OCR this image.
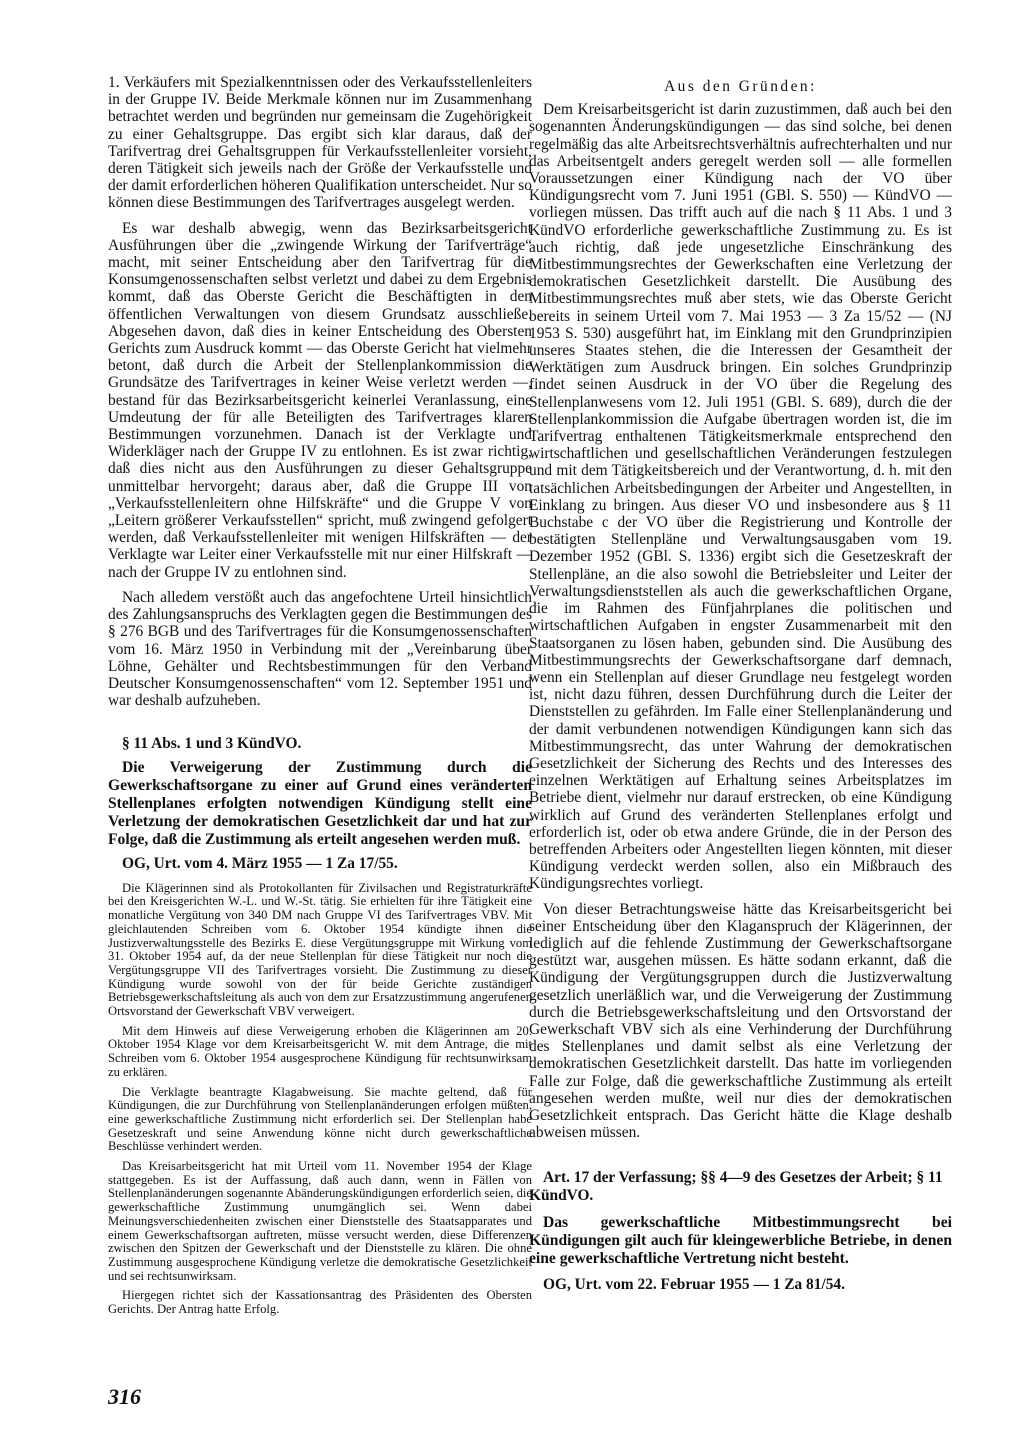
1. Verkäufers mit Spezialkenntnissen oder des Verkaufsstellenleiters in der Gruppe IV. Beide Merkmale können nur im Zusammenhang betrachtet werden und begründen nur gemeinsam die Zugehörigkeit zu einer Gehaltsgruppe. Das ergibt sich klar daraus, daß der Tarifvertrag drei Gehaltsgruppen für Verkaufsstellenleiter vorsieht, deren Tätigkeit sich jeweils nach der Größe der Verkaufsstelle und der damit erforderlichen höheren Qualifikation unterscheidet. Nur so können diese Bestimmungen des Tarifvertrages ausgelegt werden.

Es war deshalb abwegig, wenn das Bezirksarbeitsgericht Ausführungen über die „zwingende Wirkung der Tarifverträge“ macht, mit seiner Entscheidung aber den Tarifvertrag für die Konsumgenossenschaften selbst verletzt und dabei zu dem Ergebnis kommt, daß das Oberste Gericht die Beschäftigten in den öffentlichen Verwaltungen von diesem Grundsatz ausschließe. Abgesehen davon, daß dies in keiner Entscheidung des Obersten Gerichts zum Ausdruck kommt — das Oberste Gericht hat vielmehr betont, daß durch die Arbeit der Stellenplankommission die Grundsätze des Tarifvertrages in keiner Weise verletzt werden —, bestand für das Bezirksarbeitsgericht keinerlei Veranlassung, eine Umdeutung der für alle Beteiligten des Tarifvertrages klaren Bestimmungen vorzunehmen. Danach ist der Verklagte und Widerkläger nach der Gruppe IV zu entlohnen. Es ist zwar richtig, daß dies nicht aus den Ausführungen zu dieser Gehaltsgruppe unmittelbar hervorgeht; daraus aber, daß die Gruppe III von „Verkaufsstellenleitern ohne Hilfskräfte“ und die Gruppe V von „Leitern größerer Verkaufsstellen“ spricht, muß zwingend gefolgert werden, daß Verkaufsstellenleiter mit wenigen Hilfskräften — der Verklagte war Leiter einer Verkaufsstelle mit nur einer Hilfskraft — nach der Gruppe IV zu entlohnen sind.

Nach alledem verstößt auch das angefochtene Urteil hinsichtlich des Zahlungsanspruchs des Verklagten gegen die Bestimmungen des § 276 BGB und des Tarifvertrages für die Konsumgenossenschaften vom 16. März 1950 in Verbindung mit der „Vereinbarung über Löhne, Gehälter und Rechtsbestimmungen für den Verband Deutscher Konsumgenossenschaften“ vom 12. September 1951 und war deshalb aufzuheben.

§ 11 Abs. 1 und 3 KündVO.
Die Verweigerung der Zustimmung durch die Gewerkschaftsorgane zu einer auf Grund eines veränderten Stellenplanes erfolgten notwendigen Kündigung stellt eine Verletzung der demokratischen Gesetzlichkeit dar und hat zur Folge, daß die Zustimmung als erteilt angesehen werden muß.
OG, Urt. vom 4. März 1955 — 1 Za 17/55.

Die Klägerinnen sind als Protokollanten für Zivilsachen und Registraturkräfte bei den Kreisgerichten W.-L. und W.-St. tätig. Sie erhielten für ihre Tätigkeit eine monatliche Vergütung von 340 DM nach Gruppe VI des Tarifvertrages VBV. Mit gleichlautenden Schreiben vom 6. Oktober 1954 kündigte ihnen die Justizverwaltungsstelle des Bezirks E. diese Vergütungsgruppe mit Wirkung vom 31. Oktober 1954 auf, da der neue Stellenplan für diese Tätigkeit nur noch die Vergütungsgruppe VII des Tarifvertrages vorsieht. Die Zustimmung zu dieser Kündigung wurde sowohl von der für beide Gerichte zuständigen Betriebsgewerkschaftsleitung als auch von dem zur Ersatzzustimmung angerufenen Ortsvorstand der Gewerkschaft VBV verweigert.

Mit dem Hinweis auf diese Verweigerung erhoben die Klägerinnen am 20. Oktober 1954 Klage vor dem Kreisarbeitsgericht W. mit dem Antrage, die mit Schreiben vom 6. Oktober 1954 ausgesprochene Kündigung für rechtsunwirksam zu erklären.

Die Verklagte beantragte Klagabweisung. Sie machte geltend, daß für Kündigungen, die zur Durchführung von Stellenplanänderungen erfolgen müßten, eine gewerkschaftliche Zustimmung nicht erforderlich sei. Der Stellenplan habe Gesetzeskraft und seine Anwendung könne nicht durch gewerkschaftliche Beschlüsse verhindert werden.

Das Kreisarbeitsgericht hat mit Urteil vom 11. November 1954 der Klage stattgegeben. Es ist der Auffassung, daß auch dann, wenn in Fällen von Stellenplanänderungen sogenannte Abänderungskündigungen erforderlich seien, die gewerkschaftliche Zustimmung unumgänglich sei. Wenn dabei Meinungsverschiedenheiten zwischen einer Dienststelle des Staatsapparates und einem Gewerkschaftsorgan auftreten, müsse versucht werden, diese Differenzen zwischen den Spitzen der Gewerkschaft und der Dienststelle zu klären. Die ohne Zustimmung ausgesprochene Kündigung verletze die demokratische Gesetzlichkeit und sei rechtsunwirksam.

Hiergegen richtet sich der Kassationsantrag des Präsidenten des Obersten Gerichts. Der Antrag hatte Erfolg.

Aus den Gründen:

Dem Kreisarbeitsgericht ist darin zuzustimmen, daß auch bei den sogenannten Änderungskündigungen — das sind solche, bei denen regelmäßig das alte Arbeitsrechtsverhältnis aufrechterhalten und nur das Arbeitsentgelt anders geregelt werden soll — alle formellen Voraussetzungen einer Kündigung nach der VO über Kündigungsrecht vom 7. Juni 1951 (GBl. S. 550) — KündVO — vorliegen müssen. Das trifft auch auf die nach § 11 Abs. 1 und 3 KündVO erforderliche gewerkschaftliche Zustimmung zu. Es ist auch richtig, daß jede ungesetzliche Einschränkung des Mitbestimmungsrechtes der Gewerkschaften eine Verletzung der demokratischen Gesetzlichkeit darstellt. Die Ausübung des Mitbestimmungsrechtes muß aber stets, wie das Oberste Gericht bereits in seinem Urteil vom 7. Mai 1953 — 3 Za 15/52 — (NJ 1953 S. 530) ausgeführt hat, im Einklang mit den Grundprinzipien unseres Staates stehen, die die Interessen der Gesamtheit der Werktätigen zum Ausdruck bringen. Ein solches Grundprinzip findet seinen Ausdruck in der VO über die Regelung des Stellenplanwesens vom 12. Juli 1951 (GBl. S. 689), durch die der Stellenplankommission die Aufgabe übertragen worden ist, die im Tarifvertrag enthaltenen Tätigkeitsmerkmale entsprechend den wirtschaftlichen und gesellschaftlichen Veränderungen festzulegen und mit dem Tätigkeitsbereich und der Verantwortung, d. h. mit den tatsächlichen Arbeitsbedingungen der Arbeiter und Angestellten, in Einklang zu bringen. Aus dieser VO und insbesondere aus § 11 Buchstabe c der VO über die Registrierung und Kontrolle der bestätigten Stellenpläne und Verwaltungsausgaben vom 19. Dezember 1952 (GBl. S. 1336) ergibt sich die Gesetzeskraft der Stellenpläne, an die also sowohl die Betriebsleiter und Leiter der Verwaltungsdienststellen als auch die gewerkschaftlichen Organe, die im Rahmen des Fünfjahrplanes die politischen und wirtschaftlichen Aufgaben in engster Zusammenarbeit mit den Staatsorganen zu lösen haben, gebunden sind. Die Ausübung des Mitbestimmungsrechts der Gewerkschaftsorgane darf demnach, wenn ein Stellenplan auf dieser Grundlage neu festgelegt worden ist, nicht dazu führen, dessen Durchführung durch die Leiter der Dienststellen zu gefährden. Im Falle einer Stellenplanänderung und der damit verbundenen notwendigen Kündigungen kann sich das Mitbestimmungsrecht, das unter Wahrung der demokratischen Gesetzlichkeit der Sicherung des Rechts und des Interesses des einzelnen Werktätigen auf Erhaltung seines Arbeitsplatzes im Betriebe dient, vielmehr nur darauf erstrecken, ob eine Kündigung wirklich auf Grund des veränderten Stellenplanes erfolgt und erforderlich ist, oder ob etwa andere Gründe, die in der Person des betreffenden Arbeiters oder Angestellten liegen könnten, mit dieser Kündigung verdeckt werden sollen, also ein Mißbrauch des Kündigungsrechtes vorliegt.

Von dieser Betrachtungsweise hätte das Kreisarbeitsgericht bei seiner Entscheidung über den Klaganspruch der Klägerinnen, der lediglich auf die fehlende Zustimmung der Gewerkschaftsorgane gestützt war, ausgehen müssen. Es hätte sodann erkannt, daß die Kündigung der Vergütungsgruppen durch die Justizverwaltung gesetzlich unerläßlich war, und die Verweigerung der Zustimmung durch die Betriebsgewerkschaftsleitung und den Ortsvorstand der Gewerkschaft VBV sich als eine Verhinderung der Durchführung des Stellenplanes und damit selbst als eine Verletzung der demokratischen Gesetzlichkeit darstellt. Das hatte im vorliegenden Falle zur Folge, daß die gewerkschaftliche Zustimmung als erteilt angesehen werden mußte, weil nur dies der demokratischen Gesetzlichkeit entsprach. Das Gericht hätte die Klage deshalb abweisen müssen.

Art. 17 der Verfassung; §§ 4—9 des Gesetzes der Arbeit; § 11 KündVO.
Das gewerkschaftliche Mitbestimmungsrecht bei Kündigungen gilt auch für kleingewerbliche Betriebe, in denen eine gewerkschaftliche Vertretung nicht besteht.
OG, Urt. vom 22. Februar 1955 — 1 Za 81/54.
316
